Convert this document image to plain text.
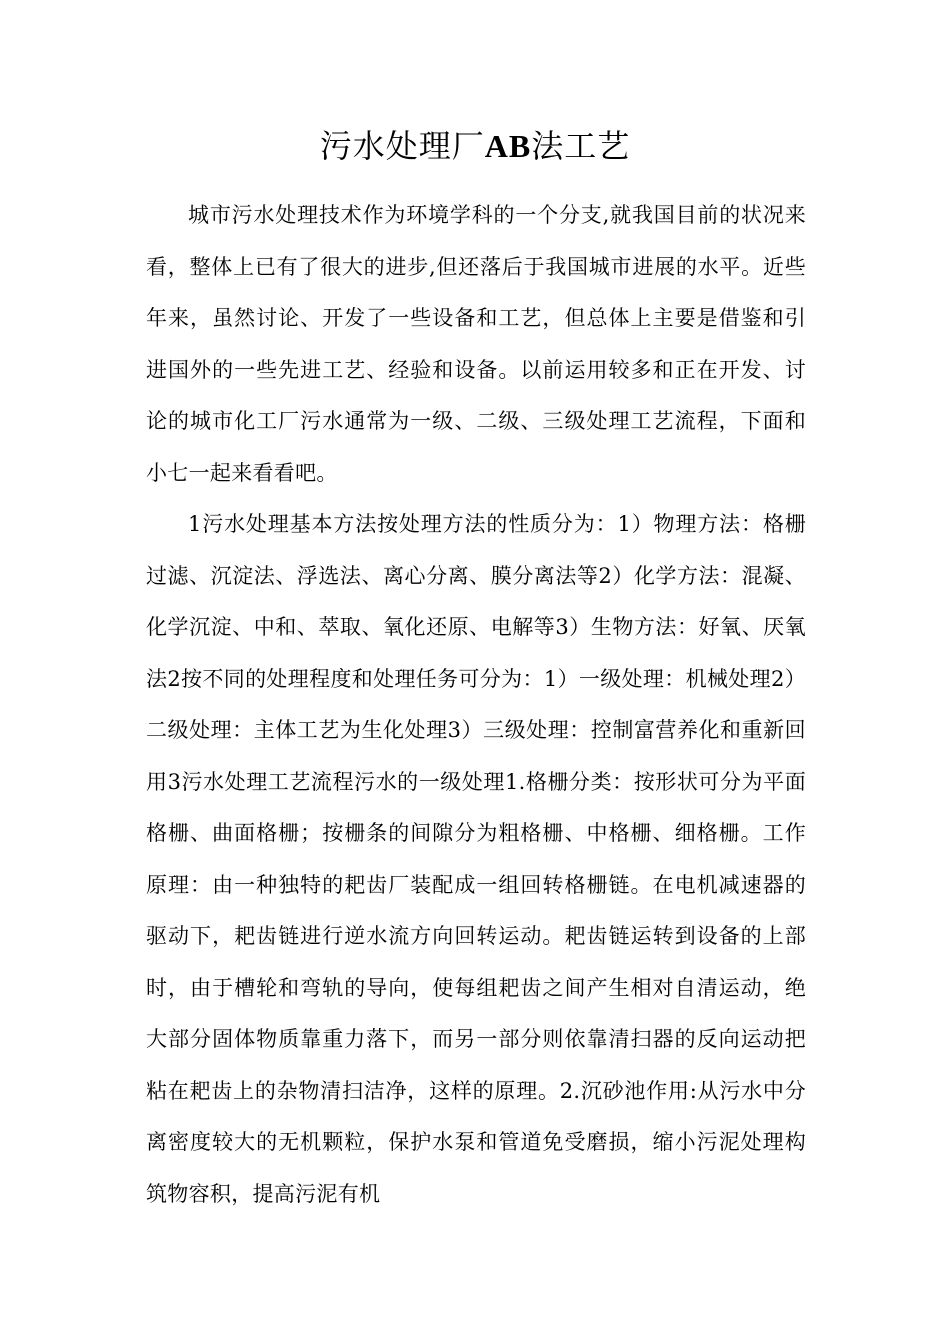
污水处理厂AB法工艺

城市污水处理技术作为环境学科的一个分支,就我国目前的状况来看，整体上已有了很大的进步,但还落后于我国城市进展的水平。近些年来，虽然讨论、开发了一些设备和工艺，但总体上主要是借鉴和引进国外的一些先进工艺、经验和设备。以前运用较多和正在开发、讨论的城市化工厂污水通常为一级、二级、三级处理工艺流程，下面和小七一起来看看吧。

1污水处理基本方法按处理方法的性质分为：1）物理方法：格栅过滤、沉淀法、浮选法、离心分离、膜分离法等2）化学方法：混凝、化学沉淀、中和、萃取、氧化还原、电解等3）生物方法：好氧、厌氧法2按不同的处理程度和处理任务可分为：1）一级处理：机械处理2）二级处理：主体工艺为生化处理3）三级处理：控制富营养化和重新回用3污水处理工艺流程污水的一级处理1.格栅分类：按形状可分为平面格栅、曲面格栅；按栅条的间隙分为粗格栅、中格栅、细格栅。工作原理：由一种独特的耙齿厂装配成一组回转格栅链。在电机减速器的驱动下，耙齿链进行逆水流方向回转运动。耙齿链运转到设备的上部时，由于槽轮和弯轨的导向，使每组耙齿之间产生相对自清运动，绝大部分固体物质靠重力落下，而另一部分则依靠清扫器的反向运动把粘在耙齿上的杂物清扫洁净，这样的原理。2.沉砂池作用:从污水中分离密度较大的无机颗粒，保护水泵和管道免受磨损，缩小污泥处理构筑物容积，提高污泥有机
